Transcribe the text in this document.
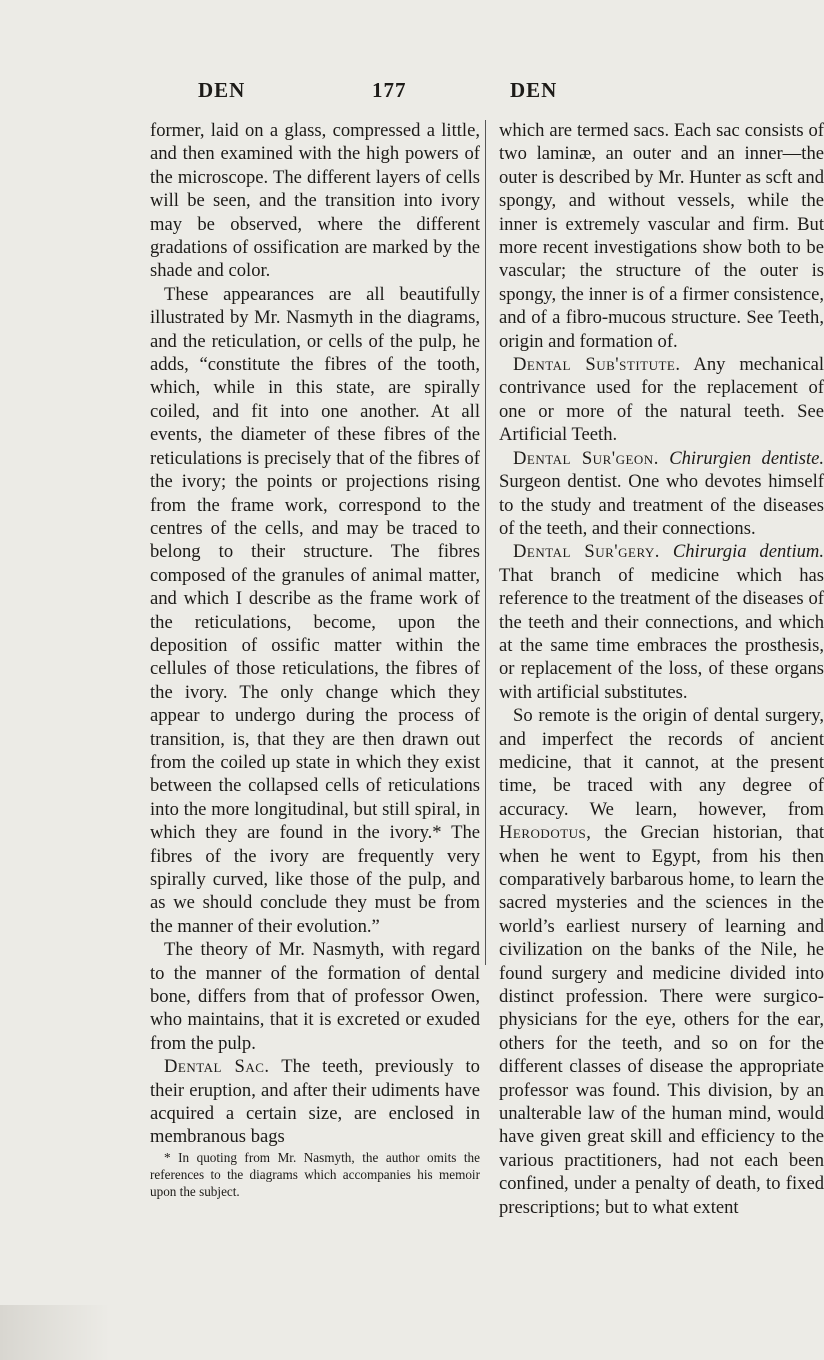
DEN	177	DEN

former, laid on a glass, compressed a little, and then examined with the high powers of the microscope. The different layers of cells will be seen, and the transition into ivory may be observed, where the different gradations of ossification are marked by the shade and color.

These appearances are all beautifully illustrated by Mr. Nasmyth in the diagrams, and the reticulation, or cells of the pulp, he adds, “constitute the fibres of the tooth, which, while in this state, are spirally coiled, and fit into one another. At all events, the diameter of these fibres of the reticulations is precisely that of the fibres of the ivory; the points or projections rising from the frame work, correspond to the centres of the cells, and may be traced to belong to their structure. The fibres composed of the granules of animal matter, and which I describe as the frame work of the reticulations, become, upon the deposition of ossific matter within the cellules of those reticulations, the fibres of the ivory. The only change which they appear to undergo during the process of transition, is, that they are then drawn out from the coiled up state in which they exist between the collapsed cells of reticulations into the more longitudinal, but still spiral, in which they are found in the ivory.* The fibres of the ivory are frequently very spirally curved, like those of the pulp, and as we should conclude they must be from the manner of their evolution.”

The theory of Mr. Nasmyth, with regard to the manner of the formation of dental bone, differs from that of professor Owen, who maintains, that it is excreted or exuded from the pulp.

Dental Sac. The teeth, previously to their eruption, and after their udiments have acquired a certain size, are enclosed in membranous bags

* In quoting from Mr. Nasmyth, the author omits the references to the diagrams which accompanies his memoir upon the subject.

which are termed sacs. Each sac consists of two laminæ, an outer and an inner—the outer is described by Mr. Hunter as scft and spongy, and without vessels, while the inner is extremely vascular and firm. But more recent investigations show both to be vascular; the structure of the outer is spongy, the inner is of a firmer consistence, and of a fibro-mucous structure. See Teeth, origin and formation of.

Dental Sub'stitute. Any mechanical contrivance used for the replacement of one or more of the natural teeth. See Artificial Teeth.

Dental Sur'geon. Chirurgien dentiste. Surgeon dentist. One who devotes himself to the study and treatment of the diseases of the teeth, and their connections.

Dental Sur'gery. Chirurgia dentium. That branch of medicine which has reference to the treatment of the diseases of the teeth and their connections, and which at the same time embraces the prosthesis, or replacement of the loss, of these organs with artificial substitutes.

So remote is the origin of dental surgery, and imperfect the records of ancient medicine, that it cannot, at the present time, be traced with any degree of accuracy. We learn, however, from Herodotus, the Grecian historian, that when he went to Egypt, from his then comparatively barbarous home, to learn the sacred mysteries and the sciences in the world’s earliest nursery of learning and civilization on the banks of the Nile, he found surgery and medicine divided into distinct profession. There were surgico-physicians for the eye, others for the ear, others for the teeth, and so on for the different classes of disease the appropriate professor was found. This division, by an unalterable law of the human mind, would have given great skill and efficiency to the various practitioners, had not each been confined, under a penalty of death, to fixed prescriptions; but to what extent
